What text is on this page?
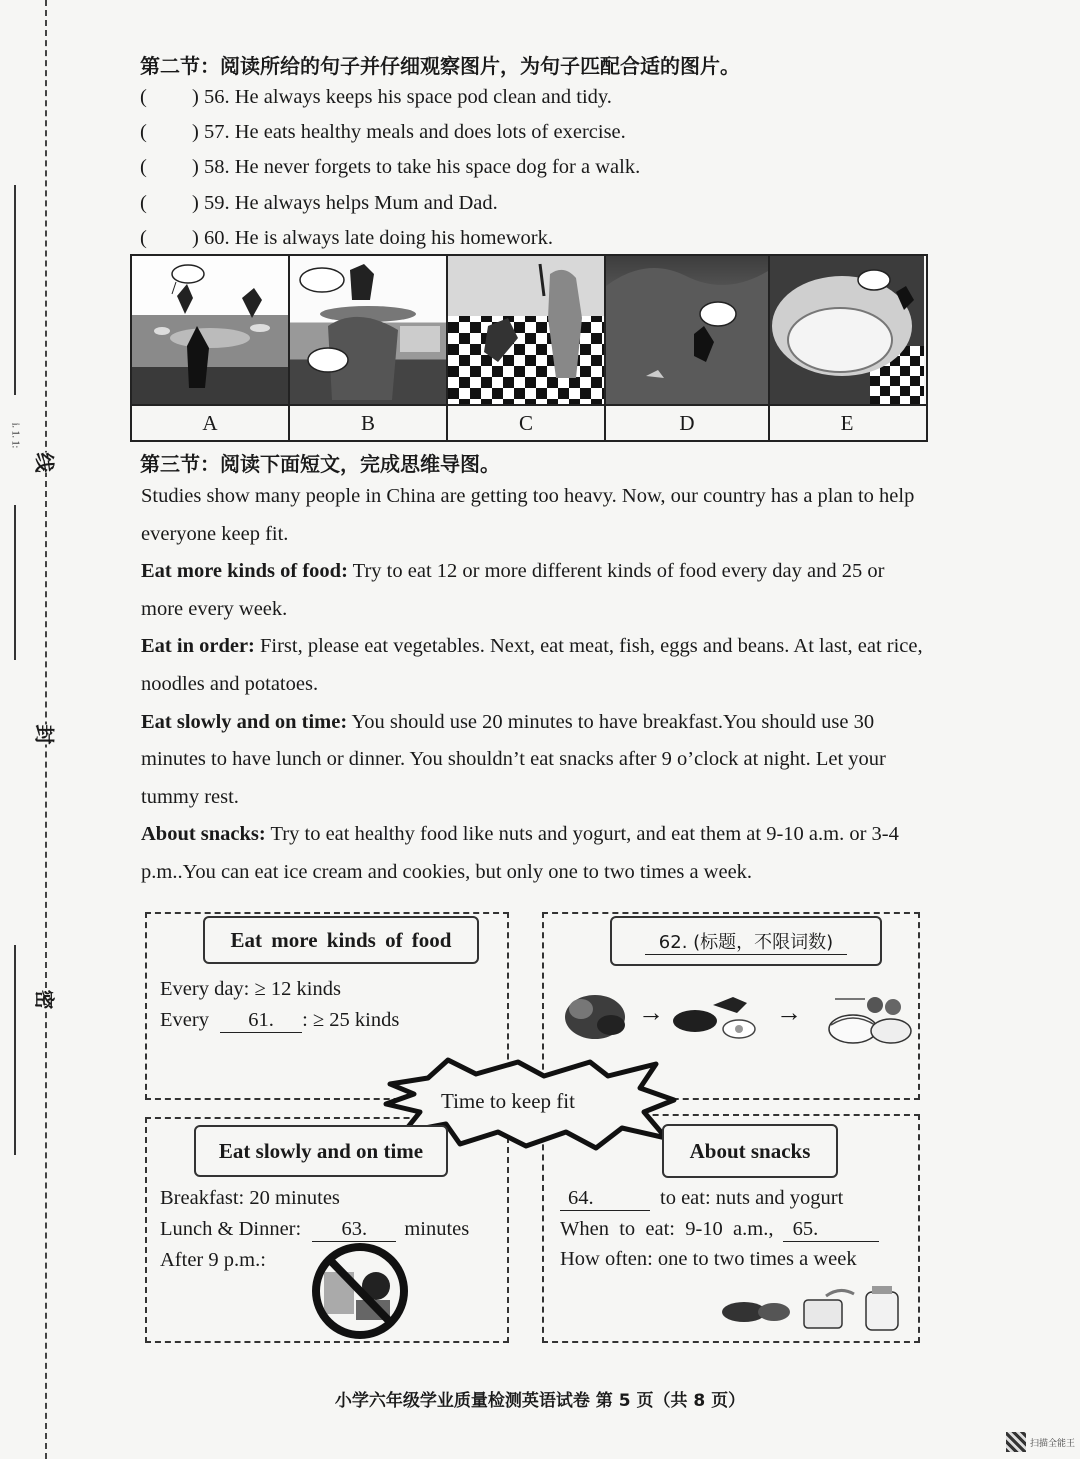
线
封
密
i. 1. 1:
第二节：阅读所给的句子并仔细观察图片，为句子匹配合适的图片。
( ) 56. He always keeps his space pod clean and tidy.
( ) 57. He eats healthy meals and does lots of exercise.
( ) 58. He never forgets to take his space dog for a walk.
( ) 59. He always helps Mum and Dad.
( ) 60. He is always late doing his homework.
A	B	C	D	E
第三节：阅读下面短文，完成思维导图。

Studies show many people in China are getting too heavy. Now, our country has a plan to help everyone keep fit.

Eat more kinds of food: Try to eat 12 or more different kinds of food every day and 25 or more every week.

Eat in order: First, please eat vegetables. Next, eat meat, fish, eggs and beans. At last, eat rice, noodles and potatoes.

Eat slowly and on time: You should use 20 minutes to have breakfast.You should use 30 minutes to have lunch or dinner. You shouldn’t eat snacks after 9 o’clock at night. Let your tummy rest.

About snacks: Try to eat healthy food like nuts and yogurt, and eat them at 9-10 a.m. or 3-4 p.m..You can eat ice cream and cookies, but only one to two times a week.

Eat more kinds of food
Every day: ≥ 12 kinds
Every 61. : ≥ 25 kinds
62. (标题，不限词数)
→	→
Time to keep fit
Eat slowly and on time
Breakfast: 20 minutes
Lunch & Dinner: 63. minutes
After 9 p.m.:
About snacks
64.	to eat: nuts and yogurt
When  to  eat:  9-10  a.m., 65.
How often: one to two times a week
小学六年级学业质量检测英语试卷 第 5 页（共 8 页）
扫描全能王
